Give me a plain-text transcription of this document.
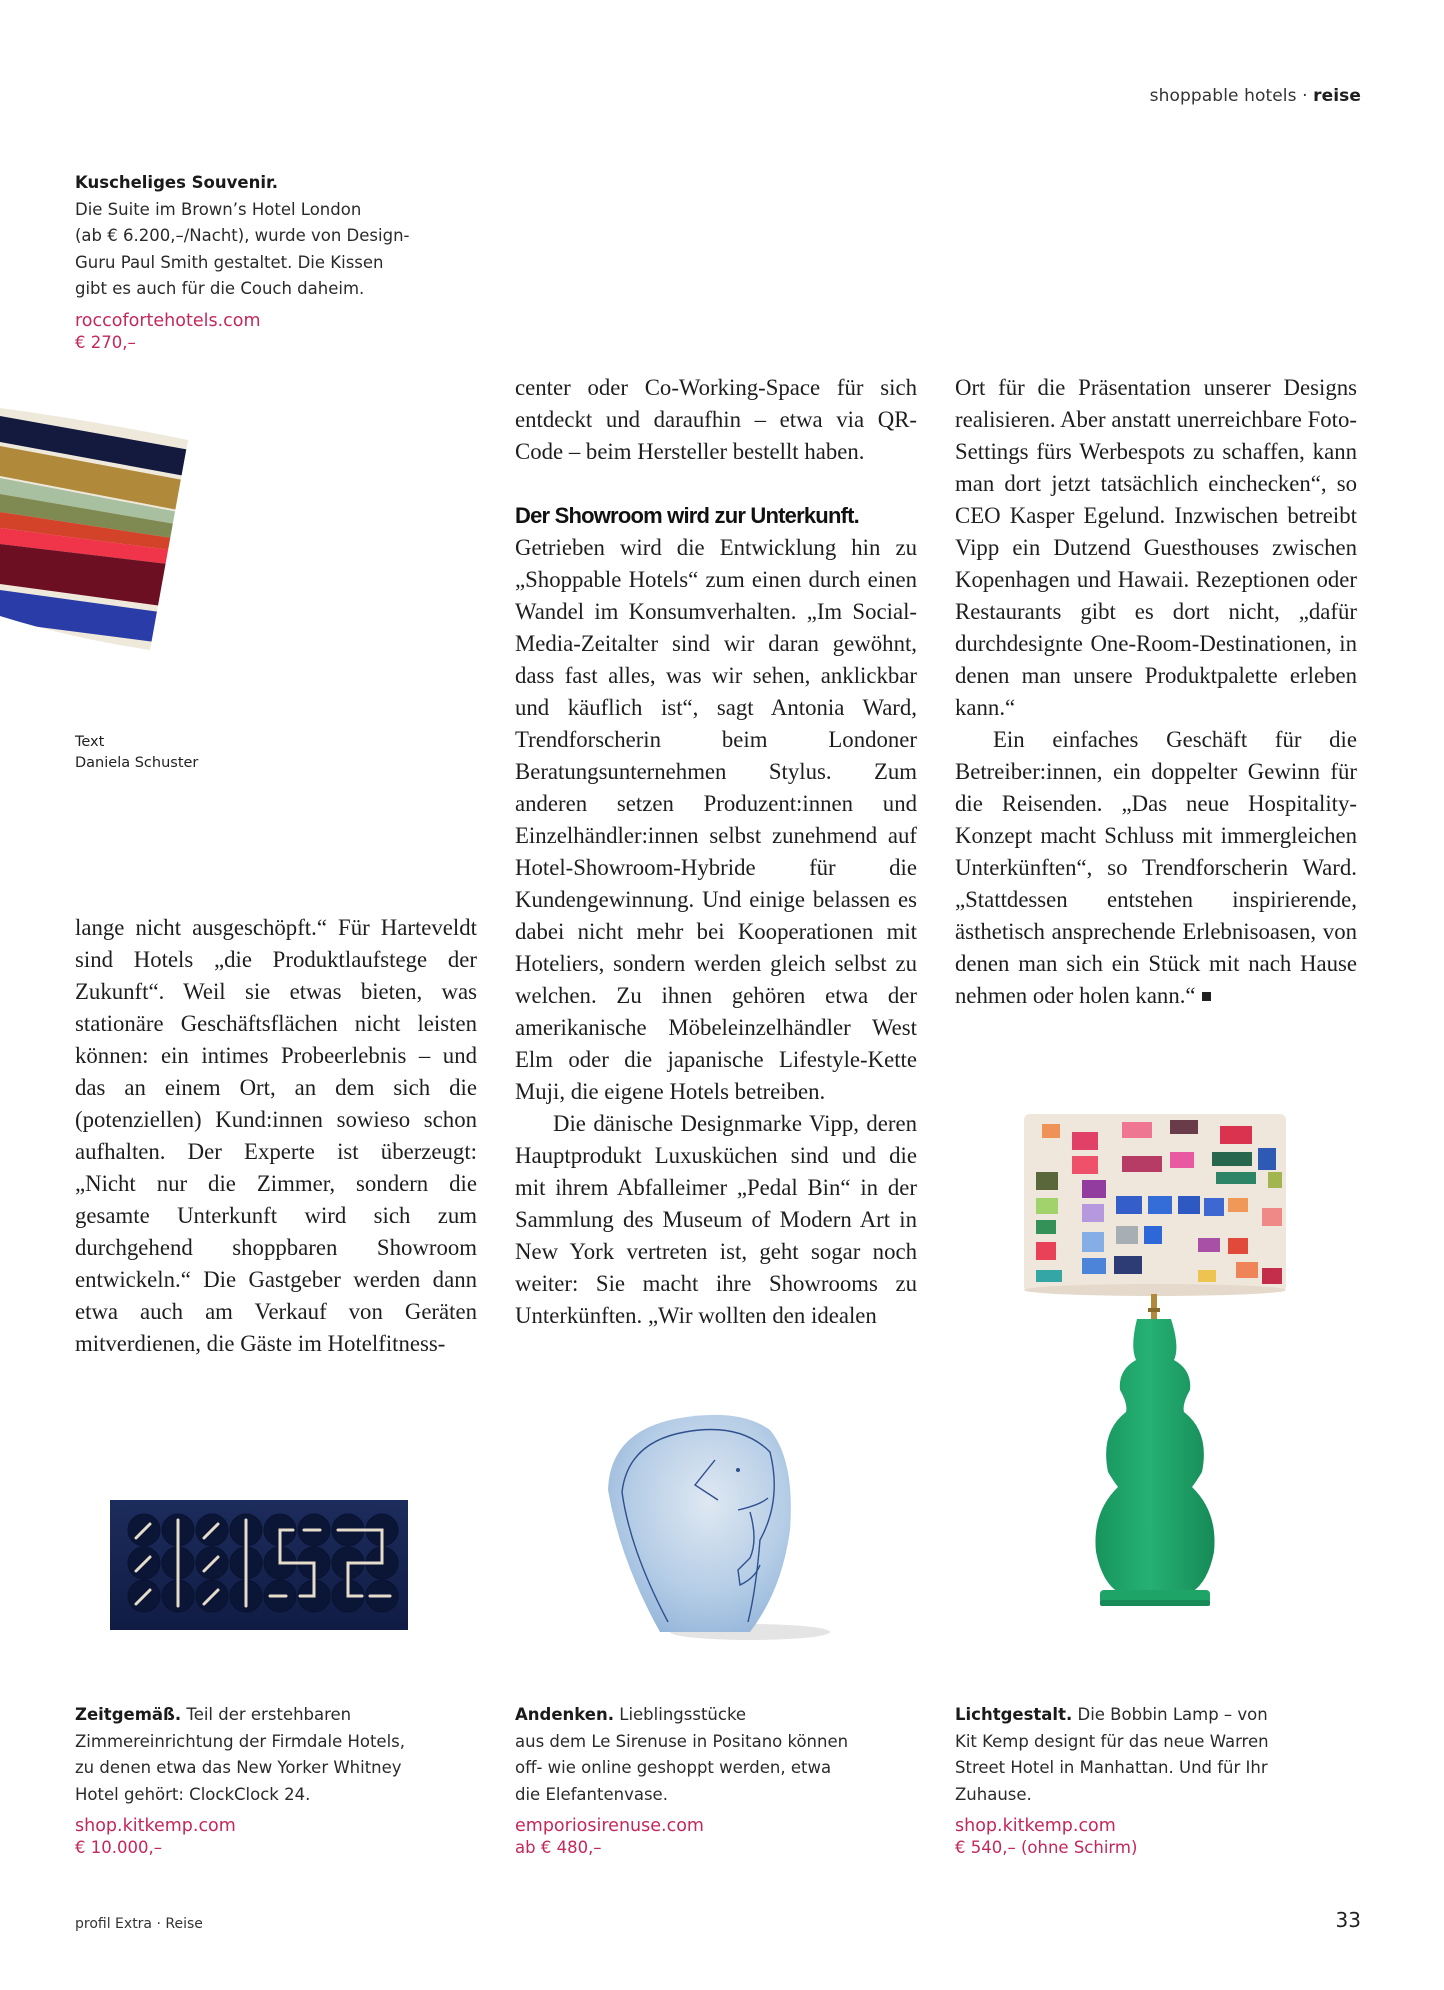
shoppable hotels · reise
Kuscheliges Souvenir.
Die Suite im Brown’s Hotel London
(ab € 6.200,–/Nacht), wurde von Design-
Guru Paul Smith gestaltet. Die Kissen
gibt es auch für die Couch daheim.
roccofortehotels.com
€ 270,–
Text
Daniela Schuster

lange nicht ausgeschöpft.“ Für Harteveldt sind Hotels „die Produktlaufstege der Zukunft“. Weil sie etwas bieten, was stationäre Geschäftsflächen nicht leisten können: ein intimes Probeerlebnis – und das an einem Ort, an dem sich die (potenziellen) Kund:innen sowieso schon aufhalten. Der Experte ist überzeugt: „Nicht nur die Zimmer, sondern die gesamte Unterkunft wird sich zum durchgehend shoppbaren Showroom entwickeln.“ Die Gastgeber werden dann etwa auch am Verkauf von Geräten mitverdienen, die Gäste im Hotelfitness-

center oder Co-Working-Space für sich entdeckt und daraufhin – etwa via QR-Code – beim Hersteller bestellt haben.

Der Showroom wird zur Unterkunft.

Getrieben wird die Entwicklung hin zu „Shoppable Hotels“ zum einen durch einen Wandel im Konsumverhalten. „Im Social-Media-Zeitalter sind wir daran gewöhnt, dass fast alles, was wir sehen, anklickbar und käuflich ist“, sagt Antonia Ward, Trendforscherin beim Londoner Beratungsunternehmen Stylus. Zum anderen setzen Produzent:innen und Einzelhändler:innen selbst zunehmend auf Hotel-Showroom-Hybride für die Kundengewinnung. Und einige belassen es dabei nicht mehr bei Kooperationen mit Hoteliers, sondern werden gleich selbst zu welchen. Zu ihnen gehören etwa der amerikanische Möbeleinzelhändler West Elm oder die japanische Lifestyle-Kette Muji, die eigene Hotels betreiben.

Die dänische Designmarke Vipp, deren Hauptprodukt Luxusküchen sind und die mit ihrem Abfalleimer „Pedal Bin“ in der Sammlung des Museum of Modern Art in New York vertreten ist, geht sogar noch weiter: Sie macht ihre Showrooms zu Unterkünften. „Wir wollten den idealen

Ort für die Präsentation unserer Designs realisieren. Aber anstatt unerreichbare Foto-Settings fürs Werbespots zu schaffen, kann man dort jetzt tatsächlich einchecken“, so CEO Kasper Egelund. Inzwischen betreibt Vipp ein Dutzend Guesthouses zwischen Kopenhagen und Hawaii. Rezeptionen oder Restaurants gibt es dort nicht, „dafür durchdesignte One-Room-Destinationen, in denen man unsere Produktpalette erleben kann.“

Ein einfaches Geschäft für die Betreiber:innen, ein doppelter Gewinn für die Reisenden. „Das neue Hospitality-Konzept macht Schluss mit immergleichen Unterkünften“, so Trendforscherin Ward. „Stattdessen entstehen inspirierende, ästhetisch ansprechende Erlebnisoasen, von denen man sich ein Stück mit nach Hause nehmen oder holen kann.“

Zeitgemäß. Teil der erstehbaren
Zimmereinrichtung der Firmdale Hotels,
zu denen etwa das New Yorker Whitney
Hotel gehört: ClockClock 24.
shop.kitkemp.com
€ 10.000,–
Andenken. Lieblingsstücke
aus dem Le Sirenuse in Positano können
off- wie online geshoppt werden, etwa
die Elefantenvase.
emporiosirenuse.com
ab € 480,–
Lichtgestalt. Die Bobbin Lamp – von
Kit Kemp designt für das neue Warren
Street Hotel in Manhattan. Und für Ihr
Zuhause.
shop.kitkemp.com
€ 540,– (ohne Schirm)
profil Extra · Reise	33
